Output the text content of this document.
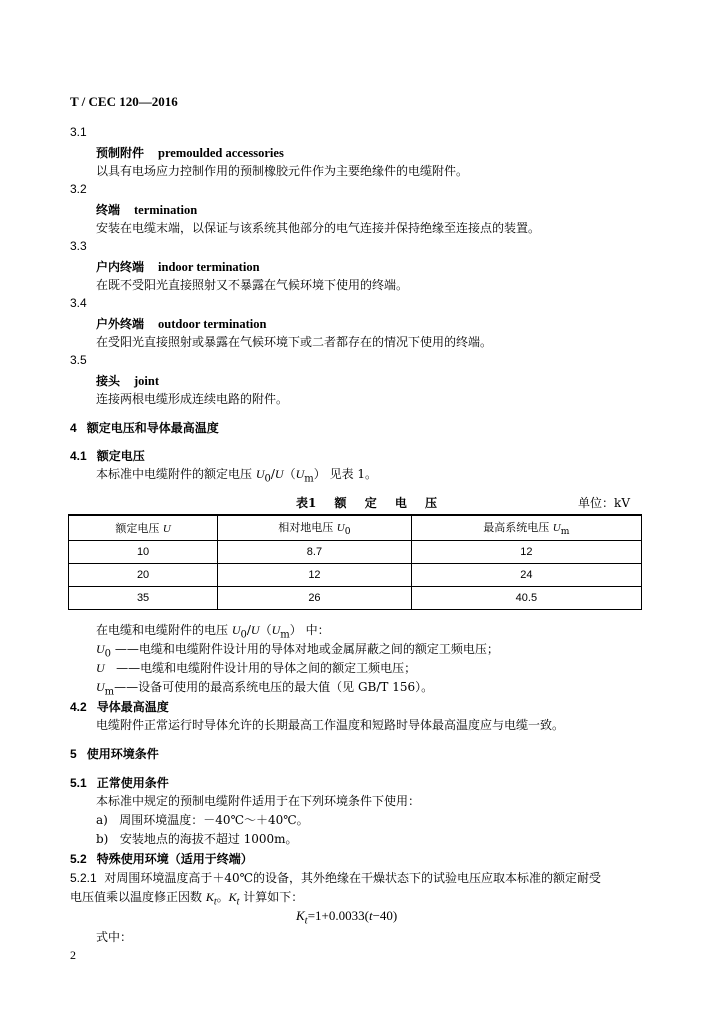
T / CEC 120—2016
3.1
预制附件 premoulded accessories
以具有电场应力控制作用的预制橡胶元件作为主要绝缘件的电缆附件。
3.2
终端 termination
安装在电缆末端，以保证与该系统其他部分的电气连接并保持绝缘至连接点的装置。
3.3
户内终端 indoor termination
在既不受阳光直接照射又不暴露在气候环境下使用的终端。
3.4
户外终端 outdoor termination
在受阳光直接照射或暴露在气候环境下或二者都存在的情况下使用的终端。
3.5
接头 joint
连接两根电缆形成连续电路的附件。
4 额定电压和导体最高温度
4.1 额定电压
本标准中电缆附件的额定电压 $U_0/U(U_m)$ 见表 1。
表1 额 定 电 压	单位：kV
额定电压 U	相对地电压 $U_0$	最高系统电压 $U_m$
10	8.7	12
20	12	24
35	26	40.5
在电缆和电缆附件的电压 $U_0/U(U_m)$ 中：
$U_0$ ——电缆和电缆附件设计用的导体对地或金属屏蔽之间的额定工频电压；
U ——电缆和电缆附件设计用的导体之间的额定工频电压；
$U_m——$设备可使用的最高系统电压的最大值（见 GB/T 156）。
4.2 导体最高温度
电缆附件正常运行时导体允许的长期最高工作温度和短路时导体最高温度应与电缆一致。
5 使用环境条件
5.1 正常使用条件
本标准中规定的预制电缆附件适用于在下列环境条件下使用：
a) 周围环境温度：－40℃～＋40℃。
b) 安装地点的海拔不超过 1000m。
5.2 特殊使用环境（适用于终端）
5.2.1 对周围环境温度高于＋40℃的设备，其外绝缘在干燥状态下的试验电压应取本标准的额定耐受
电压值乘以温度修正因数 $K_t$。$K_t$ 计算如下：
$K_t=1+0.0033(t-40)$
式中：
2
